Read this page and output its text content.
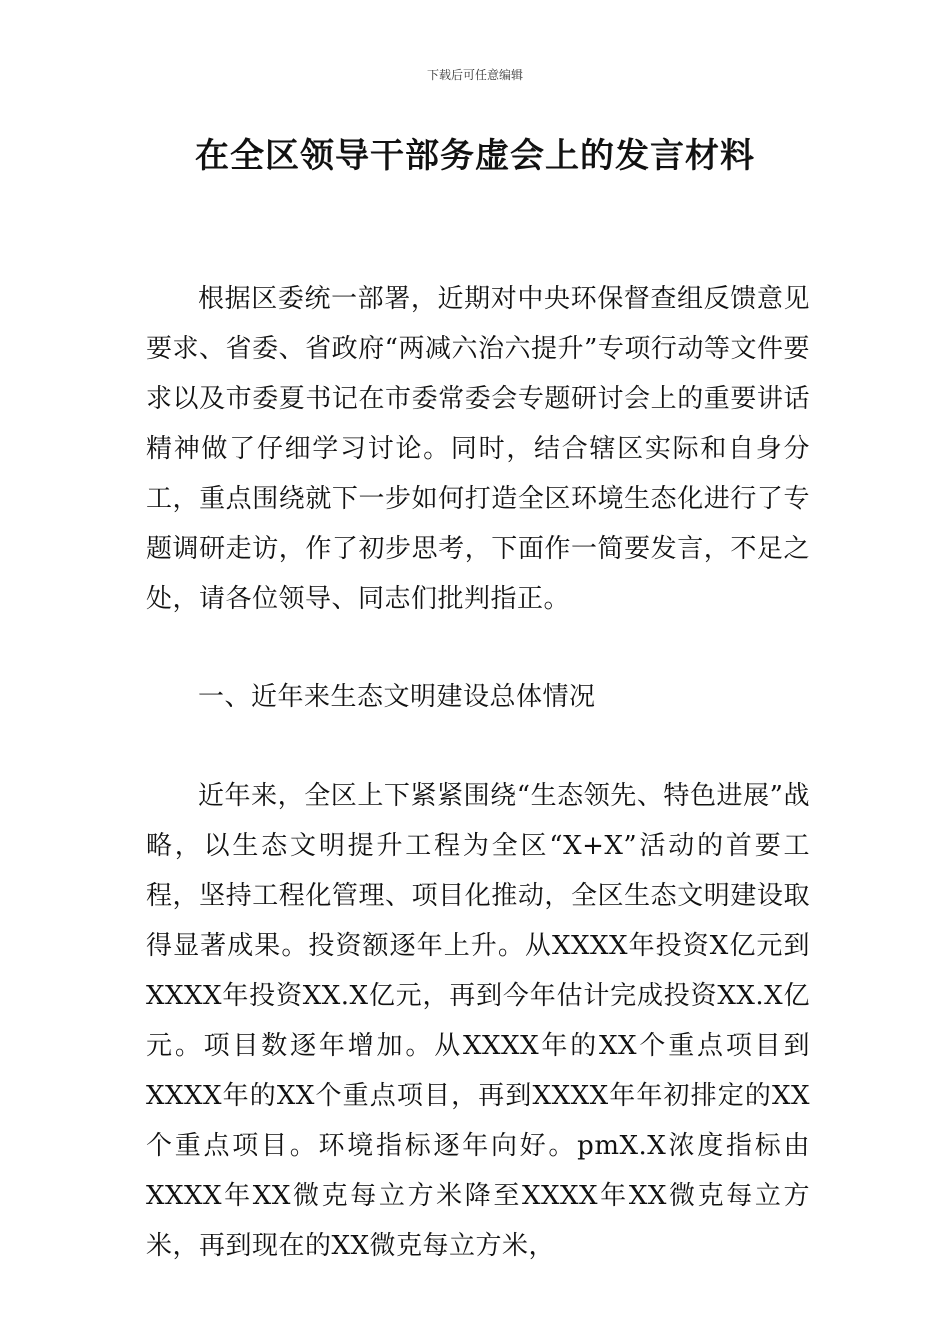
下载后可任意编辑
在全区领导干部务虚会上的发言材料
根据区委统一部署，近期对中央环保督查组反馈意见要求、省委、省政府“两减六治六提升”专项行动等文件要求以及市委夏书记在市委常委会专题研讨会上的重要讲话精神做了仔细学习讨论。同时，结合辖区实际和自身分工，重点围绕就下一步如何打造全区环境生态化进行了专题调研走访，作了初步思考，下面作一简要发言，不足之处，请各位领导、同志们批判指正。
一、近年来生态文明建设总体情况
近年来，全区上下紧紧围绕“生态领先、特色进展”战略，以生态文明提升工程为全区“X+X”活动的首要工程，坚持工程化管理、项目化推动，全区生态文明建设取得显著成果。投资额逐年上升。从XXXX年投资X亿元到XXXX年投资XX.X亿元，再到今年估计完成投资XX.X亿元。项目数逐年增加。从XXXX年的XX个重点项目到XXXX年的XX个重点项目，再到XXXX年年初排定的XX个重点项目。环境指标逐年向好。pmX.X浓度指标由XXXX年XX微克每立方米降至XXXX年XX微克每立方米，再到现在的XX微克每立方米，
